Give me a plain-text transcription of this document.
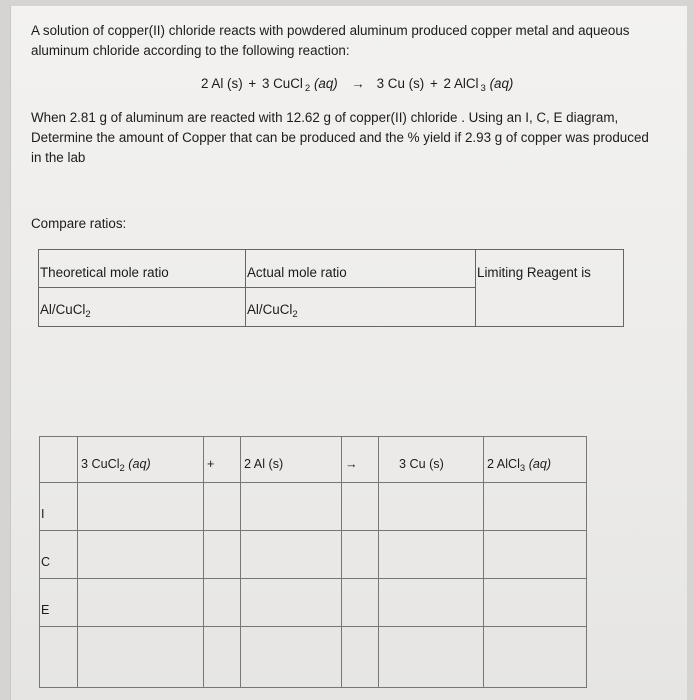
A solution of copper(II) chloride reacts with powdered aluminum produced copper metal and aqueous aluminum chloride according to the following reaction:
2 Al (s) + 3 CuCl $_2$ (aq) → 3 Cu (s) + 2 AlCl $_3$ (aq)
When 2.81 g of aluminum are reacted with 12.62 g of copper(II) chloride . Using an I, C, E diagram, Determine the amount of Copper that can be produced and the % yield if 2.93 g of copper was produced in the lab
Compare ratios:
Theoretical mole ratio	Actual mole ratio	Limiting Reagent is

Al/CuCl$_2$	Al/CuCl$_2$

	3 CuCl$_2$ (aq)	+	2 Al (s)	→	3 Cu (s)	2 AlCl$_3$ (aq)

I						

C						

E						
